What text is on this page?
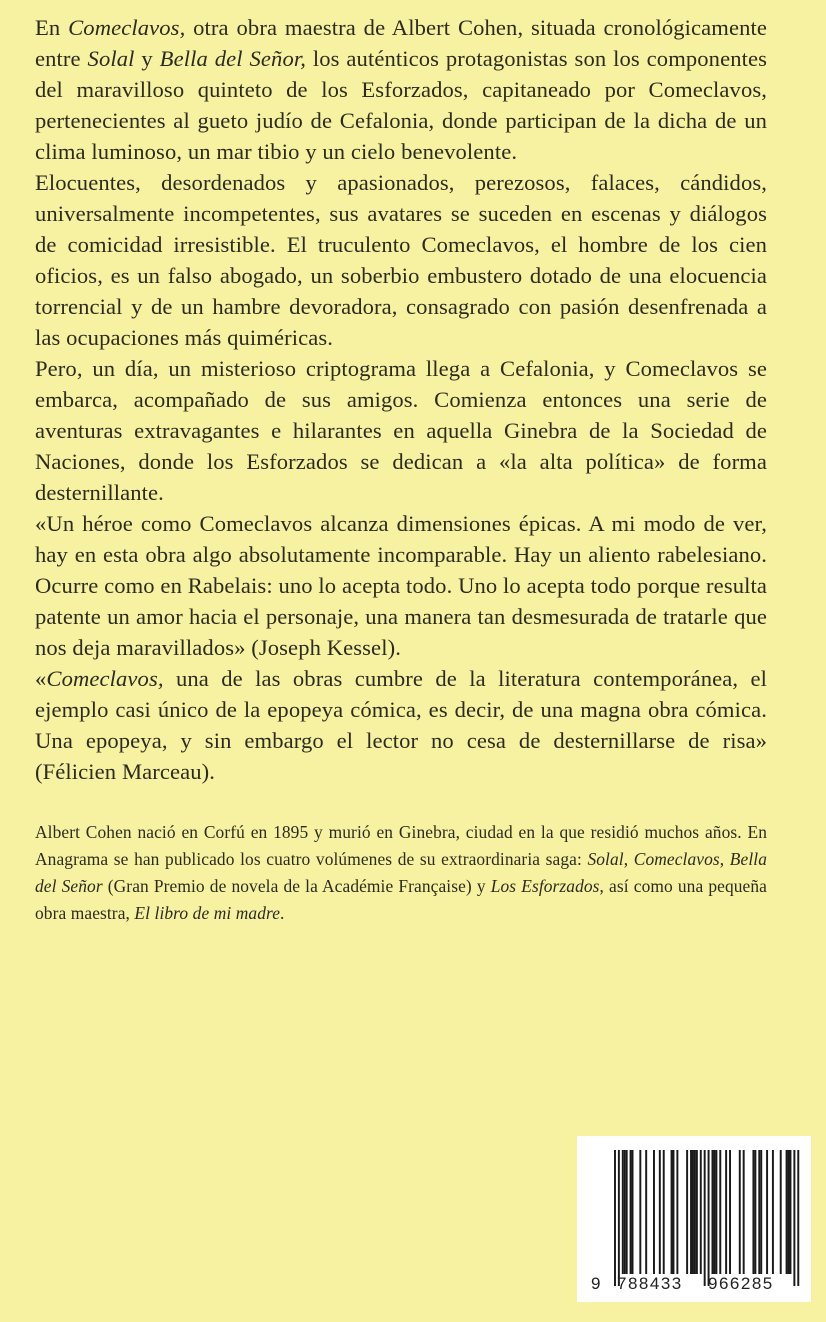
En Comeclavos, otra obra maestra de Albert Cohen, situada cronológicamente entre Solal y Bella del Señor, los auténticos protagonistas son los componentes del maravilloso quinteto de los Esforzados, capitaneado por Comeclavos, pertenecientes al gueto judío de Cefalonia, donde participan de la dicha de un clima luminoso, un mar tibio y un cielo benevolente.

Elocuentes, desordenados y apasionados, perezosos, falaces, cándidos, universalmente incompetentes, sus avatares se suceden en escenas y diálogos de comicidad irresistible. El truculento Comeclavos, el hombre de los cien oficios, es un falso abogado, un soberbio embustero dotado de una elocuencia torrencial y de un hambre devoradora, consagrado con pasión desenfrenada a las ocupaciones más quiméricas.

Pero, un día, un misterioso criptograma llega a Cefalonia, y Comeclavos se embarca, acompañado de sus amigos. Comienza entonces una serie de aventuras extravagantes e hilarantes en aquella Ginebra de la Sociedad de Naciones, donde los Esforzados se dedican a «la alta política» de forma desternillante.

«Un héroe como Comeclavos alcanza dimensiones épicas. A mi modo de ver, hay en esta obra algo absolutamente incomparable. Hay un aliento rabelesiano. Ocurre como en Rabelais: uno lo acepta todo. Uno lo acepta todo porque resulta patente un amor hacia el personaje, una manera tan desmesurada de tratarle que nos deja maravillados» (Joseph Kessel).

«Comeclavos, una de las obras cumbre de la literatura contemporánea, el ejemplo casi único de la epopeya cómica, es decir, de una magna obra cómica. Una epopeya, y sin embargo el lector no cesa de desternillarse de risa» (Félicien Marceau).

Albert Cohen nació en Corfú en 1895 y murió en Ginebra, ciudad en la que residió muchos años. En Anagrama se han publicado los cuatro volúmenes de su extraordinaria saga: Solal, Comeclavos, Bella del Señor (Gran Premio de novela de la Académie Française) y Los Esforzados, así como una pequeña obra maestra, El libro de mi madre.

9 788433 966285
